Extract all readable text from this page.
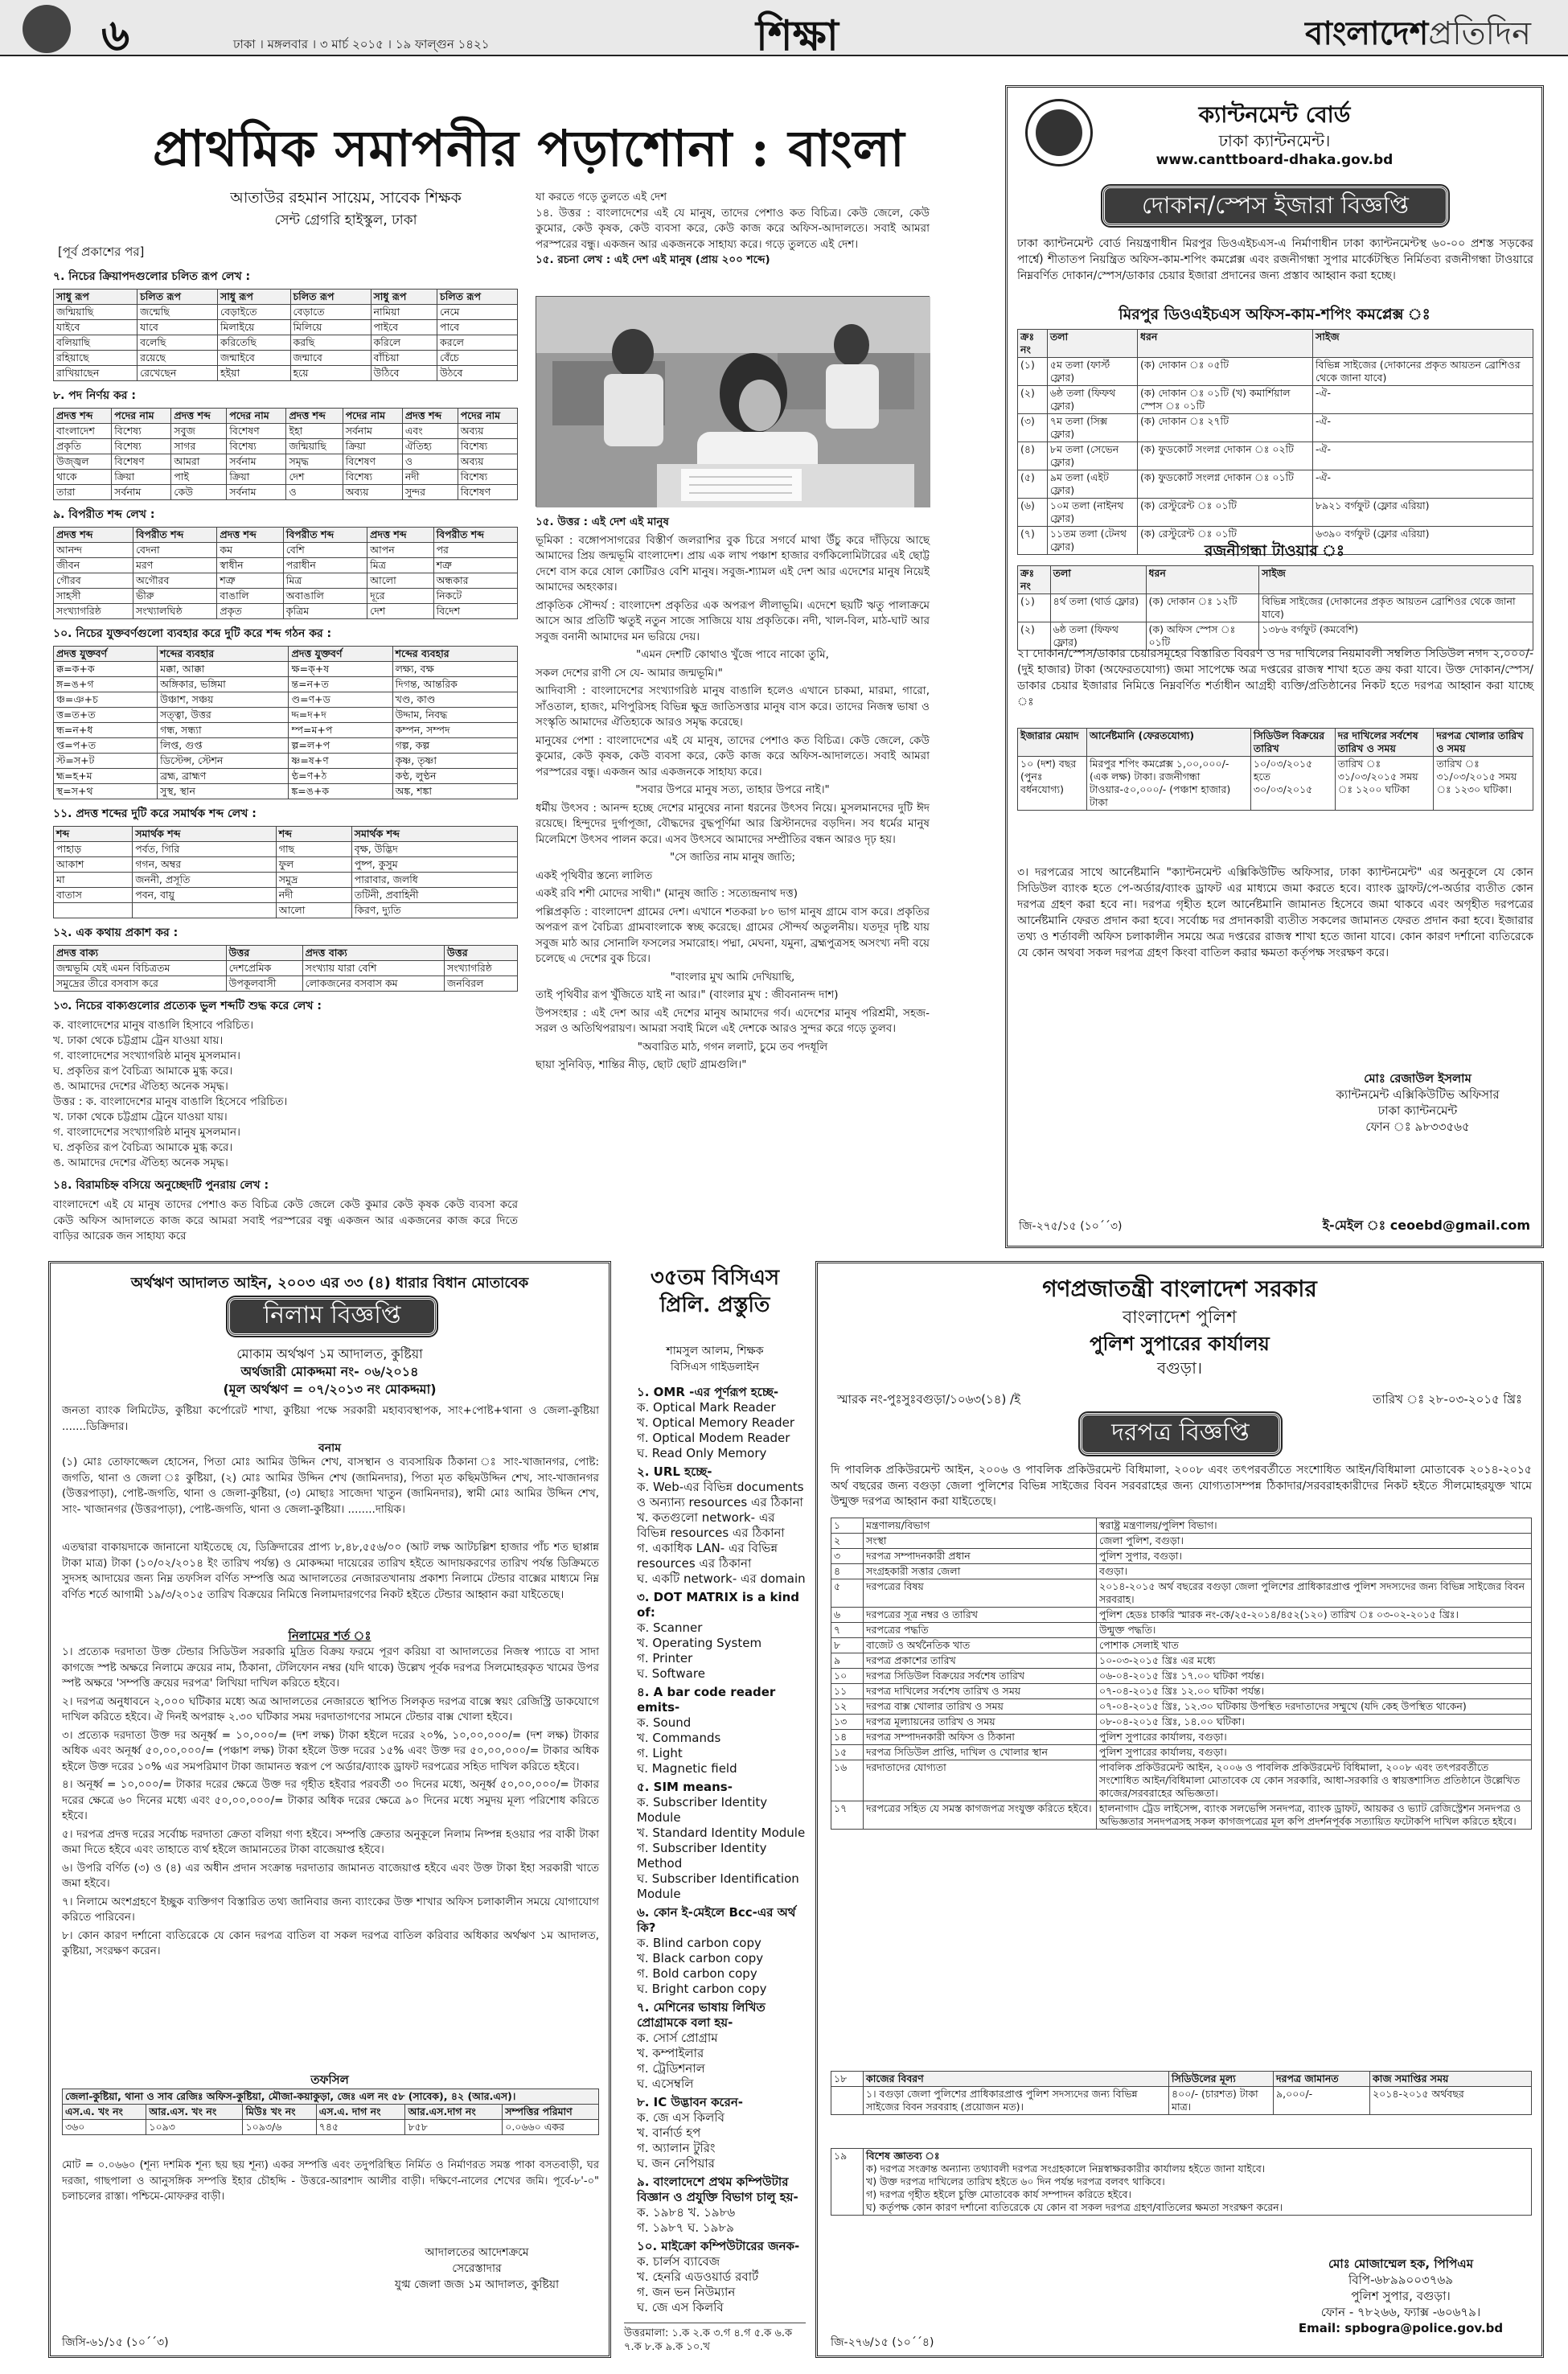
৬	ঢাকা । মঙ্গলবার । ৩ মার্চ ২০১৫ । ১৯ ফাল্গুন ১৪২১	শিক্ষা	বাংলাদেশপ্রতিদিন
প্রাথমিক সমাপনীর পড়াশোনা : বাংলা
আতাউর রহমান সায়েম, সাবেক শিক্ষক
সেন্ট গ্রেগরি হাইস্কুল, ঢাকা
[পূর্ব প্রকাশের পর]
৭. নিচের ক্রিয়াপদগুলোর চলিত রূপ লেখ :
সাধু রূপ	চলিত রূপ	সাধু রূপ	চলিত রূপ	সাধু রূপ	চলিত রূপ
জন্মিয়াছি	জন্মেছি	বেড়াইতে	বেড়াতে	নামিয়া	নেমে
যাইবে	যাবে	মিলাইয়ে	মিলিয়ে	পাইবে	পাবে
বলিয়াছি	বলেছি	করিতেছি	করছি	করিলে	করলে
রহিয়াছে	রয়েছে	জন্মাইবে	জন্মাবে	বাঁচিয়া	বেঁচে
রাখিয়াছেন	রেখেছেন	হইয়া	হয়ে	উঠিবে	উঠবে
৮. পদ নির্ণয় কর :
প্রদত্ত শব্দ	পদের নাম	প্রদত্ত শব্দ	পদের নাম	প্রদত্ত শব্দ	পদের নাম	প্রদত্ত শব্দ	পদের নাম
বাংলাদেশ	বিশেষ্য	সবুজ	বিশেষণ	ইহা	সর্বনাম	এবং	অব্যয়
প্রকৃতি	বিশেষ্য	সাগর	বিশেষ্য	জন্মিয়াছি	ক্রিয়া	ঐতিহ্য	বিশেষ্য
উজ্জ্বল	বিশেষণ	আমরা	সর্বনাম	সমৃদ্ধ	বিশেষণ	ও	অব্যয়
থাকে	ক্রিয়া	পাই	ক্রিয়া	দেশ	বিশেষ্য	নদী	বিশেষ্য
তারা	সর্বনাম	কেউ	সর্বনাম	ও	অব্যয়	সুন্দর	বিশেষণ
৯. বিপরীত শব্দ লেখ :
প্রদত্ত শব্দ	বিপরীত শব্দ	প্রদত্ত শব্দ	বিপরীত শব্দ	প্রদত্ত শব্দ	বিপরীত শব্দ
আনন্দ	বেদনা	কম	বেশি	আপন	পর
জীবন	মরণ	স্বাধীন	পরাধীন	মিত্র	শত্রু
গৌরব	অগৌরব	শত্রু	মিত্র	আলো	অন্ধকার
সাহসী	ভীরু	বাঙালি	অবাঙালি	দূরে	নিকটে
সংখ্যাগরিষ্ঠ	সংখ্যালঘিষ্ঠ	প্রকৃত	কৃত্রিম	দেশ	বিদেশ
১০. নিচের যুক্তবর্ণগুলো ব্যবহার করে দুটি করে শব্দ গঠন কর :
প্রদত্ত যুক্তবর্ণ	শব্দের ব্যবহার	প্রদত্ত যুক্তবর্ণ	শব্দের ব্যবহার
ক্ক=ক+ক	মক্কা, আক্কা	ক্ষ=ক্+ষ	লক্ষ্য, বক্ষ
ঙ্গ=ঙ+গ	অঙ্গিকার, ভঙ্গিমা	ন্ত=ন+ত	দিগন্ত, আন্তরিক
ঞ্চ=ঞ+চ	উঞ্চাশ, সঞ্চয়	ণ্ড=ণ+ড	খণ্ড, কাণ্ড
ত্ত=ত+ত	সত্ত্বা, উত্তর	দ্দ=দ+দ	উদ্দাম, নিবদ্ধ
ন্ধ=ন+ধ	গন্ধ, সন্ধ্যা	ম্প=ম+প	কম্পন, সম্পদ
প্ত=প+ত	লিপ্ত, গুপ্ত	ল্প=ল+প	গল্প, কল্প
স্ট=স+ট	ডিস্টেন্স, স্টেশন	ষ্ণ=ষ+ণ	কৃষ্ণ, তৃষ্ণা
হ্ম=হ+ম	ব্রহ্ম, ব্রাহ্মণ	ণ্ঠ=ণ+ঠ	কণ্ঠ, লুণ্ঠন
স্থ=স+থ	সুস্থ, স্থান	ঙ্ক=ঙ+ক	অঙ্ক, শঙ্কা
১১. প্রদত্ত শব্দের দুটি করে সমার্থক শব্দ লেখ :
শব্দ	সমার্থক শব্দ	শব্দ	সমার্থক শব্দ
পাহাড়	পর্বত, গিরি	গাছ	বৃক্ষ, উদ্ভিদ
আকাশ	গগন, অম্বর	ফুল	পুষ্প, কুসুম
মা	জননী, প্রসূতি	সমুদ্র	পারাবার, জলধি
বাতাস	পবন, বায়ু	নদী	তটিনী, প্রবাহিনী
		আলো	কিরণ, দ্যুতি
১২. এক কথায় প্রকাশ কর :
প্রদত্ত বাক্য	উত্তর	প্রদত্ত বাক্য	উত্তর
জন্মভূমি যেই এমন বিচিত্রতম	দেশপ্রেমিক	সংখ্যায় যারা বেশি	সংখ্যাগরিষ্ঠ
সমুদ্রের তীরে বসবাস করে	উপকূলবাসী	লোকজনের বসবাস কম	জনবিরল
১৩. নিচের বাক্যগুলোর প্রত্যেক ভুল শব্দটি শুদ্ধ করে লেখ :
ক. বাংলাদেশের মানুষ বাঙালি হিসাবে পরিচিত।
খ. ঢাকা থেকে চট্টগ্রাম ট্রেন যাওয়া যায়।
গ. বাংলাদেশের সংখ্যাগরিষ্ঠ মানুষ মুসলমান।
ঘ. প্রকৃতির রূপ বৈচিত্র্য আমাকে মুগ্ধ করে।
ঙ. আমাদের দেশের ঐতিহ্য অনেক সমৃদ্ধ।
উত্তর : ক. বাংলাদেশের মানুষ বাঙালি হিসেবে পরিচিত।
খ. ঢাকা থেকে চট্টগ্রাম ট্রেনে যাওয়া যায়।
গ. বাংলাদেশের সংখ্যাগরিষ্ঠ মানুষ মুসলমান।
ঘ. প্রকৃতির রূপ বৈচিত্র্য আমাকে মুগ্ধ করে।
ঙ. আমাদের দেশের ঐতিহ্য অনেক সমৃদ্ধ।
১৪. বিরামচিহ্ন বসিয়ে অনুচ্ছেদটি পুনরায় লেখ :
বাংলাদেশে এই যে মানুষ তাদের পেশাও কত বিচিত্র কেউ জেলে কেউ কুমার কেউ কৃষক কেউ ব্যবসা করে কেউ অফিস আদালতে কাজ করে আমরা সবাই পরস্পরের বন্ধু একজন আর একজনের কাজ করে দিতে বাড়ির আরেক জন সাহায্য করে
যা করতে গড়ে তুলতে এই দেশ
১৪. উত্তর : বাংলাদেশের এই যে মানুষ, তাদের পেশাও কত বিচিত্র। কেউ জেলে, কেউ কুমোর, কেউ কৃষক, কেউ ব্যবসা করে, কেউ কাজ করে অফিস-আদালতে। সবাই আমরা পরস্পরের বন্ধু। একজন আর একজনকে সাহায্য করে। গড়ে তুলতে এই দেশ।
১৫. রচনা লেখ : এই দেশ এই মানুষ (প্রায় ২০০ শব্দে)
১৫. উত্তর : এই দেশ এই মানুষ
ভূমিকা : বঙ্গোপসাগরের বিস্তীর্ণ জলরাশির বুক চিরে সগর্বে মাথা উঁচু করে দাঁড়িয়ে আছে আমাদের প্রিয় জন্মভূমি বাংলাদেশ। প্রায় এক লাখ পঞ্চাশ হাজার বর্গকিলোমিটারের এই ছোট্ট দেশে বাস করে ষোল কোটিরও বেশি মানুষ। সবুজ-শ্যামল এই দেশ আর এদেশের মানুষ নিয়েই আমাদের অহংকার।
প্রাকৃতিক সৌন্দর্য : বাংলাদেশ প্রকৃতির এক অপরূপ লীলাভূমি। এদেশে ছয়টি ঋতু পালাক্রমে আসে আর প্রতিটি ঋতুই নতুন সাজে সাজিয়ে যায় প্রকৃতিকে। নদী, খাল-বিল, মাঠ-ঘাট আর সবুজ বনানী আমাদের মন ভরিয়ে দেয়।
"এমন দেশটি কোথাও খুঁজে পাবে নাকো তুমি,
সকল দেশের রাণী সে যে- আমার জন্মভূমি।"
আদিবাসী : বাংলাদেশের সংখ্যাগরিষ্ঠ মানুষ বাঙালি হলেও এখানে চাকমা, মারমা, গারো, সাঁওতাল, হাজং, মণিপুরিসহ বিভিন্ন ক্ষুদ্র জাতিসত্তার মানুষ বাস করে। তাদের নিজস্ব ভাষা ও সংস্কৃতি আমাদের ঐতিহ্যকে আরও সমৃদ্ধ করেছে।
মানুষের পেশা : বাংলাদেশের এই যে মানুষ, তাদের পেশাও কত বিচিত্র। কেউ জেলে, কেউ কুমোর, কেউ কৃষক, কেউ ব্যবসা করে, কেউ কাজ করে অফিস-আদালতে। সবাই আমরা পরস্পরের বন্ধু। একজন আর একজনকে সাহায্য করে।
"সবার উপরে মানুষ সত্য, তাহার উপরে নাই।"
ধর্মীয় উৎসব : আনন্দ হচ্ছে দেশের মানুষের নানা ধরনের উৎসব নিয়ে। মুসলমানদের দুটি ঈদ রয়েছে। হিন্দুদের দুর্গাপূজা, বৌদ্ধদের বুদ্ধপূর্ণিমা আর খ্রিস্টানদের বড়দিন। সব ধর্মের মানুষ মিলেমিশে উৎসব পালন করে। এসব উৎসবে আমাদের সম্প্রীতির বন্ধন আরও দৃঢ় হয়।
"সে জাতির নাম মানুষ জাতি;
একই পৃথিবীর স্তন্যে লালিত
একই রবি শশী মোদের সাথী।" (মানুষ জাতি : সত্যেন্দ্রনাথ দত্ত)
পল্লিপ্রকৃতি : বাংলাদেশ গ্রামের দেশ। এখানে শতকরা ৮০ ভাগ মানুষ গ্রামে বাস করে। প্রকৃতির অপরূপ রূপ বৈচিত্র্য গ্রামবাংলাকে স্বচ্ছ করেছে। গ্রামের সৌন্দর্য অতুলনীয়। যতদূর দৃষ্টি যায় সবুজ মাঠ আর সোনালি ফসলের সমারোহ। পদ্মা, মেঘনা, যমুনা, ব্রহ্মপুত্রসহ অসংখ্য নদী বয়ে চলেছে এ দেশের বুক চিরে।
"বাংলার মুখ আমি দেখিয়াছি,
তাই পৃথিবীর রূপ খুঁজিতে যাই না আর।" (বাংলার মুখ : জীবনানন্দ দাশ)
উপসংহার : এই দেশ আর এই দেশের মানুষ আমাদের গর্ব। এদেশের মানুষ পরিশ্রমী, সহজ-সরল ও অতিথিপরায়ণ। আমরা সবাই মিলে এই দেশকে আরও সুন্দর করে গড়ে তুলব।
"অবারিত মাঠ, গগন ললাট, চুমে তব পদধূলি
ছায়া সুনিবিড়, শান্তির নীড়, ছোট ছোট গ্রামগুলি।"
ক্যান্টনমেন্ট বোর্ড
ঢাকা ক্যান্টনমেন্ট।
www.canttboard-dhaka.gov.bd
দোকান/স্পেস ইজারা বিজ্ঞপ্তি
ঢাকা ক্যান্টনমেন্ট বোর্ড নিয়ন্ত্রণাধীন মিরপুর ডিওএইচএস-এ নির্মাণাধীন ঢাকা ক্যান্টনমেন্টস্থ ৬০-০০ প্রশস্ত সড়কের পার্শ্বে) শীতাতপ নিয়ন্ত্রিত অফিস-কাম-শপিং কমপ্লেক্স এবং রজনীগন্ধা সুপার মার্কেটস্থিত নির্মিতব্য রজনীগন্ধা টাওয়ারে নিম্নবর্ণিত দোকান/স্পেস/ডাকার চেয়ার ইজারা প্রদানের জন্য প্রস্তাব আহ্বান করা হচ্ছে।
মিরপুর ডিওএইচএস অফিস-কাম-শপিং কমপ্লেক্স ঃ
ক্রঃ নং	তলা	ধরন	সাইজ
(১)	৫ম তলা (ফার্স্ট ফ্লোর)	(ক) দোকান ঃ ০৫টি	বিভিন্ন সাইজের (দোকানের প্রকৃত আয়তন ব্রোশিওর থেকে জানা যাবে)
(২)	৬ষ্ঠ তলা (ফিফথ ফ্লোর)	(ক) দোকান ঃ ০১টি (খ) কমার্শিয়াল স্পেস ঃ ০১টি	-ঐ-
(৩)	৭ম তলা (সিক্স ফ্লোর)	(ক) দোকান ঃ ২৭টি	-ঐ-
(৪)	৮ম তলা (সেভেন ফ্লোর)	(ক) ফুডকোর্ট সংলগ্ন দোকান ঃ ০২টি	-ঐ-
(৫)	৯ম তলা (এইট ফ্লোর)	(ক) ফুডকোর্ট সংলগ্ন দোকান ঃ ০১টি	-ঐ-
(৬)	১০ম তলা (নাইনথ ফ্লোর)	(ক) রেস্টুরেন্ট ঃ ০১টি	৮৯২১ বর্গফুট (ফ্লোর এরিয়া)
(৭)	১১তম তলা (টেনথ ফ্লোর)	(ক) রেস্টুরেন্ট ঃ ০১টি	৬৩৯০ বর্গফুট (ফ্লোর এরিয়া)
রজনীগন্ধা টাওয়ার ঃ
ক্রঃ নং	তলা	ধরন	সাইজ
(১)	৪র্থ তলা (থার্ড ফ্লোর)	(ক) দোকান ঃ ১২টি	বিভিন্ন সাইজের (দোকানের প্রকৃত আয়তন ব্রোশিওর থেকে জানা যাবে)
(২)	৬ষ্ঠ তলা (ফিফথ ফ্লোর)	(ক) অফিস স্পেস ঃ ০১টি	১৩৮৬ বর্গফুট (কমবেশি)
২। দোকান/স্পেস/ডাকার চেয়ারসমূহের বিস্তারিত বিবরণ ও দর দাখিলের নিয়মাবলী সম্বলিত সিডিউল নগদ ২,০০০/- (দুই হাজার) টাকা (অফেরতযোগ্য) জমা সাপেক্ষে অত্র দপ্তরের রাজস্ব শাখা হতে ক্রয় করা যাবে। উক্ত দোকান/স্পেস/ডাকার চেয়ার ইজারার নিমিত্তে নিম্নবর্ণিত শর্তাধীন আগ্রহী ব্যক্তি/প্রতিষ্ঠানের নিকট হতে দরপত্র আহ্বান করা যাচ্ছে ঃ
ইজারার মেয়াদ	আর্নেষ্টমানি (ফেরতযোগ্য)	সিডিউল বিক্রয়ের তারিখ	দর দাখিলের সর্বশেষ তারিখ ও সময়	দরপত্র খোলার তারিখ ও সময়
১০ (দশ) বছর (পুনঃ বর্ধনযোগ্য)	মিরপুর শপিং কমপ্লেক্স ১,০০,০০০/- (এক লক্ষ) টাকা। রজনীগন্ধা টাওয়ার-৫০,০০০/- (পঞ্চাশ হাজার) টাকা	১০/০৩/২০১৫ হতে ৩০/০৩/২০১৫	তারিখ ঃ ৩১/০৩/২০১৫ সময় ঃ ১২০০ ঘটিকা	তারিখ ঃ ৩১/০৩/২০১৫ সময় ঃ ১২৩০ ঘটিকা।
৩। দরপত্রের সাথে আর্নেষ্টমানি "ক্যান্টনমেন্ট এক্সিকিউটিভ অফিসার, ঢাকা ক্যান্টনমেন্ট" এর অনুকূলে যে কোন সিডিউল ব্যাংক হতে পে-অর্ডার/ব্যাংক ড্রাফট এর মাধ্যমে জমা করতে হবে। ব্যাংক ড্রাফট/পে-অর্ডার ব্যতীত কোন দরপত্র গ্রহণ করা হবে না। দরপত্র গৃহীত হলে আর্নেষ্টমানি জামানত হিসেবে জমা থাকবে এবং অগৃহীত দরপত্রের আর্নেষ্টমানি ফেরত প্রদান করা হবে। সর্বোচ্চ দর প্রদানকারী ব্যতীত সকলের জামানত ফেরত প্রদান করা হবে। ইজারার তথ্য ও শর্তাবলী অফিস চলাকালীন সময়ে অত্র দপ্তরের রাজস্ব শাখা হতে জানা যাবে। কোন কারণ দর্শানো ব্যতিরেকে যে কোন অথবা সকল দরপত্র গ্রহণ কিংবা বাতিল করার ক্ষমতা কর্তৃপক্ষ সংরক্ষণ করে।
মোঃ রেজাউল ইসলাম
ক্যান্টনমেন্ট এক্সিকিউটিভ অফিসার
ঢাকা ক্যান্টনমেন্ট
ফোন ঃ ৯৮৩৩৫৬৫
জি-২৭৫/১৫ (১০´´৩)	ই-মেইল ঃ ceoebd@gmail.com
অর্থঋণ আদালত আইন, ২০০৩ এর ৩৩ (৪) ধারার বিধান মোতাবেক
নিলাম বিজ্ঞপ্তি
মোকাম অর্থঋণ ১ম আদালত, কুষ্টিয়া
অর্থজারী মোকদ্দমা নং- ০৬/২০১৪
(মূল অর্থঋণ = ০৭/২০১৩ নং মোকদ্দমা)
জনতা ব্যাংক লিমিটেড, কুষ্টিয়া কর্পোরেট শাখা, কুষ্টিয়া পক্ষে সরকারী মহাব্যবস্থাপক, সাং+পোষ্ট+থানা ও জেলা-কুষ্টিয়া .......ডিক্রিদার।
বনাম
(১) মোঃ তোফাজ্জেল হোসেন, পিতা মোঃ আমির উদ্দিন শেখ, বাসস্থান ও ব্যবসায়িক ঠিকানা ঃ সাং-খাজানগর, পোষ্ট: জগতি, থানা ও জেলা ঃ কুষ্টিয়া, (২) মোঃ আমির উদ্দিন শেখ (জামিনদার), পিতা মৃত কছিমউদ্দিন শেখ, সাং-খাজানগর (উত্তরপাড়া), পোষ্ট-জগতি, থানা ও জেলা-কুষ্টিয়া, (৩) মোছাঃ সাজেদা খাতুন (জামিনদার), স্বামী মোঃ আমির উদ্দিন শেখ, সাং- খাজানগর (উত্তরপাড়া), পোষ্ট-জগতি, থানা ও জেলা-কুষ্টিয়া। ........দায়িক।
এতদ্বারা বাকায়দাকে জানানো যাইতেছে যে, ডিক্রিদারের প্রাপ্য ৮,৪৮,৫৫৬/০০ (আট লক্ষ আটচল্লিশ হাজার পাঁচ শত ছাপ্পান্ন টাকা মাত্র) টাকা (১০/০২/২০১৪ ইং তারিখ পর্যন্ত) ও মোকদ্দমা দায়েরের তারিখ হইতে আদায়করণের তারিখ পর্যন্ত ডিক্রিমতে সুদসহ আদায়ের জন্য নিম্ন তফসিল বর্ণিত সম্পত্তি অত্র আদালতের নেজারতখানায় প্রকাশ্য নিলামে টেন্ডার বাক্সের মাধ্যমে নিম্ন বর্ণিত শর্তে আগামী ১৯/৩/২০১৫ তারিখ বিক্রয়ের নিমিত্তে নিলামদারগণের নিকট হইতে টেন্ডার আহ্বান করা যাইতেছে।
নিলামের শর্ত ঃ
১। প্রত্যেক দরদাতা উক্ত টেন্ডার সিডিউল সরকারি মুদ্রিত বিক্রয় ফরমে পূরণ করিয়া বা আদালতের নিজস্ব প্যাডে বা সাদা কাগজে স্পষ্ট অক্ষরে নিলামে ক্রয়ের নাম, ঠিকানা, টেলিফোন নম্বর (যদি থাকে) উল্লেখ পূর্বক দরপত্র সিলমোহরকৃত খামের উপর স্পষ্ট অক্ষরে 'সম্পত্তি ক্রয়ের দরপত্র' লিখিয়া দাখিল করিতে হইবে।
২। দরপত্র অনুধাবনে ২,০০০ ঘটিকার মধ্যে অত্র আদালতের নেজারতে স্থাপিত সিলকৃত দরপত্র বাক্সে স্বয়ং রেজিস্ট্রি ডাকযোগে দাখিল করিতে হইবে। ঐ দিনই অপরাহ্ন ২.৩০ ঘটিকার সময় দরদাতাগণের সামনে টেন্ডার বাক্স খোলা হইবে।
৩। প্রত্যেক দরদাতা উক্ত দর অনূর্ধ্ব = ১০,০০০/= (দশ লক্ষ) টাকা হইলে দরের ২০%, ১০,০০,০০০/= (দশ লক্ষ) টাকার অধিক এবং অনূর্ধ্ব ৫০,০০,০০০/= (পঞ্চাশ লক্ষ) টাকা হইলে উক্ত দরের ১৫% এবং উক্ত দর ৫০,০০,০০০/= টাকার অধিক হইলে উক্ত দরের ১০% এর সমপরিমাণ টাকা জামানত স্বরূপ পে অর্ডার/ব্যাংক ড্রাফট দরপত্রের সহিত দাখিল করিতে হইবে।
৪। অনূর্ধ্ব = ১০,০০০/= টাকার দরের ক্ষেত্রে উক্ত দর গৃহীত হইবার পরবর্তী ৩০ দিনের মধ্যে, অনূর্ধ্ব ৫০,০০,০০০/= টাকার দরের ক্ষেত্রে ৬০ দিনের মধ্যে এবং ৫০,০০,০০০/= টাকার অধিক দরের ক্ষেত্রে ৯০ দিনের মধ্যে সমুদয় মূল্য পরিশোধ করিতে হইবে।
৫। দরপত্র প্রদত্ত দরের সর্বোচ্চ দরদাতা ক্রেতা বলিয়া গণ্য হইবে। সম্পত্তি ক্রেতার অনুকূলে নিলাম নিষ্পন্ন হওয়ার পর বাকী টাকা জমা দিতে হইবে এবং তাহাতে ব্যর্থ হইলে জামানতের টাকা বাজেয়াপ্ত হইবে।
৬। উপরি বর্ণিত (৩) ও (৪) এর অধীন প্রদান সংক্রান্ত দরদাতার জামানত বাজেয়াপ্ত হইবে এবং উক্ত টাকা ইহা সরকারী খাতে জমা হইবে।
৭। নিলামে অংশগ্রহণে ইচ্ছুক ব্যক্তিগণ বিস্তারিত তথ্য জানিবার জন্য ব্যাংকের উক্ত শাখার অফিস চলাকালীন সময়ে যোগাযোগ করিতে পারিবেন।
৮। কোন কারণ দর্শানো ব্যতিরেকে যে কোন দরপত্র বাতিল বা সকল দরপত্র বাতিল করিবার অধিকার অর্থঋণ ১ম আদালত, কুষ্টিয়া, সংরক্ষণ করেন।
তফসিল
জেলা-কুষ্টিয়া, থানা ও সাব রেজিঃ অফিস-কুষ্টিয়া, মৌজা-কয়াকুড়া, জেঃ এল নং ৫৮ (সাবেক), ৪২ (আর.এস)।					
এস.এ. খং নং	আর.এস. খং নং	মিউঃ খং নং	এস.এ. দাগ নং	আর.এস.দাগ নং	সম্পত্তির পরিমাণ
৩৬০	১০৯৩	১০৯৩/৬	৭৪৫	৮৫৮	০.০৬৬০ একর
মোট = ০.০৬৬০ (শূন্য দশমিক শূন্য ছয় ছয় শূন্য) একর সম্পত্তি এবং তদুপরিস্থিত নির্মিত ও নির্মাণরত সমস্ত পাকা বসতবাড়ী, ঘর দরজা, গাছপালা ও আনুসঙ্গিক সম্পত্তি ইহার চৌহদ্দি - উত্তরে-আরশাদ আলীর বাড়ী। দক্ষিণে-নালের শেখের জমি। পূর্বে-৮'-০" চলাচলের রাস্তা। পশ্চিমে-মোফরুর বাড়ী।
আদালতের আদেশক্রমে
সেরেস্তাদার
যুগ্ম জেলা জজ ১ম আদালত, কুষ্টিয়া
জিসি-৬১/১৫ (১০´´৩)
৩৫তম বিসিএস প্রিলি. প্রস্তুতি
শামসুল আলম, শিক্ষক
বিসিএস গাইডলাইন
১. OMR -এর পূর্ণরূপ হচ্ছে-
ক. Optical Mark Reader
খ. Optical Memory Reader
গ. Optical Modem Reader
ঘ. Read Only Memory
২. URL হচ্ছে-
ক. Web-এর বিভিন্ন documents ও অন্যান্য resources এর ঠিকানা
খ. কতগুলো network- এর বিভিন্ন resources এর ঠিকানা
গ. একাধিক LAN- এর বিভিন্ন resources এর ঠিকানা
ঘ. একটি network- এর domain
৩. DOT MATRIX is a kind of:
ক. Scanner
খ. Operating System
গ. Printer
ঘ. Software
৪. A bar code reader emits-
ক. Sound
খ. Commands
গ. Light
ঘ. Magnetic field
৫. SIM means-
ক. Subscriber Identity Module
খ. Standard Identity Module
গ. Subscriber Identity Method
ঘ. Subscriber Identification Module
৬. কোন ই-মেইলে Bcc-এর অর্থ কি?
ক. Blind carbon copy
খ. Black carbon copy
গ. Bold carbon copy
ঘ. Bright carbon copy
৭. মেশিনের ভাষায় লিখিত প্রোগ্রামকে বলা হয়-
ক. সোর্স প্রোগ্রাম
খ. কম্পাইলার
গ. ট্রেডিশনাল
ঘ. এসেম্বলি
৮. IC উদ্ভাবন করেন-
ক. জে এস কিলবি
খ. বার্নার্ড হপ
গ. অ্যালান টুরিং
ঘ. জন নেপিয়ার
৯. বাংলাদেশে প্রথম কম্পিউটার বিজ্ঞান ও প্রযুক্তি বিভাগ চালু হয়-
ক. ১৯৮৪ খ. ১৯৮৬
গ. ১৯৮৭ ঘ. ১৯৮৯
১০. মাইক্রো কম্পিউটারের জনক-
ক. চার্লস ব্যাবেজ
খ. হেনরি এডওয়ার্ড রবার্ট
গ. জন ভন নিউম্যান
ঘ. জে এস কিলবি
উত্তরমালা: ১.ক ২.ক ৩.গ ৪.গ ৫.ক ৬.ক ৭.ক ৮.ক ৯.ক ১০.খ
গণপ্রজাতন্ত্রী বাংলাদেশ সরকার
বাংলাদেশ পুলিশ
পুলিশ সুপারের কার্যালয়
বগুড়া।
স্মারক নং-পুঃসুঃবগুড়া/১০৬৩(১৪) /ই	তারিখ ঃ ২৮-০৩-২০১৫ খ্রিঃ
দরপত্র বিজ্ঞপ্তি
দি পাবলিক প্রকিউরমেন্ট আইন, ২০০৬ ও পাবলিক প্রকিউরমেন্ট বিধিমালা, ২০০৮ এবং তৎপরবর্তীতে সংশোধিত আইন/বিধিমালা মোতাবেক ২০১৪-২০১৫ অর্থ বছরের জন্য বগুড়া জেলা পুলিশের বিভিন্ন সাইজের বিবন সরবরাহের জন্য যোগ্যতাসম্পন্ন ঠিকাদার/সরবরাহকারীদের নিকট হইতে সীলমোহরযুক্ত খামে উন্মুক্ত দরপত্র আহ্বান করা যাইতেছে।
১	মন্ত্রণালয়/বিভাগ	স্বরাষ্ট্র মন্ত্রণালয়/পুলিশ বিভাগ।
২	সংস্থা	জেলা পুলিশ, বগুড়া।
৩	দরপত্র সম্পাদনকারী প্রধান	পুলিশ সুপার, বগুড়া।
৪	সংগ্রহকারী সত্তার জেলা	বগুড়া।
৫	দরপত্রের বিষয়	২০১৪-২০১৫ অর্থ বছরের বগুড়া জেলা পুলিশের প্রাধিকারপ্রাপ্ত পুলিশ সদস্যদের জন্য বিভিন্ন সাইজের বিবন সরবরাহ।
৬	দরপত্রের সূত্র নম্বর ও তারিখ	পুলিশ হেডঃ চাকরি স্মারক নং-কে/২৫-২০১৪/৪৫২(১২০) তারিখ ঃ ০৩-০২-২০১৫ খ্রিঃ।
৭	দরপত্রের পদ্ধতি	উন্মুক্ত পদ্ধতি।
৮	বাজেট ও অর্থনৈতিক খাত	পোশাক সেলাই খাত
৯	দরপত্র প্রকাশের তারিখ	১০-০৩-২০১৫ খ্রিঃ এর মধ্যে
১০	দরপত্র সিডিউল বিক্রয়ের সর্বশেষ তারিখ	০৬-০৪-২০১৫ খ্রিঃ ১৭.০০ ঘটিকা পর্যন্ত।
১১	দরপত্র দাখিলের সর্বশেষ তারিখ ও সময়	০৭-০৪-২০১৫ খ্রিঃ ১২.০০ ঘটিকা পর্যন্ত।
১২	দরপত্র বাক্স খোলার তারিখ ও সময়	০৭-০৪-২০১৫ খ্রিঃ, ১২.৩০ ঘটিকায় উপস্থিত দরদাতাদের সম্মুখে (যদি কেহ উপস্থিত থাকেন)
১৩	দরপত্র মূল্যায়নের তারিখ ও সময়	০৮-০৪-২০১৫ খ্রিঃ, ১৪.০০ ঘটিকা।
১৪	দরপত্র সম্পাদনকারী অফিস ও ঠিকানা	পুলিশ সুপারের কার্যালয়, বগুড়া।
১৫	দরপত্র সিডিউল প্রাপ্তি, দাখিল ও খোলার স্থান	পুলিশ সুপারের কার্যালয়, বগুড়া।
১৬	দরদাতাদের যোগ্যতা	পাবলিক প্রকিউরমেন্ট আইন, ২০০৬ ও পাবলিক প্রকিউরমেন্ট বিধিমালা, ২০০৮ এবং তৎপরবর্তীতে সংশোধিত আইন/বিধিমালা মোতাবেক যে কোন সরকারি, আধা-সরকারি ও স্বায়ত্তশাসিত প্রতিষ্ঠানে উল্লেখিত কাজের/সরবরাহের অভিজ্ঞতা।
১৭	দরপত্রের সহিত যে সমস্ত কাগজপত্র সংযুক্ত করিতে হইবে।	হালনাগাদ ট্রেড লাইসেন্স, ব্যাংক সলভেন্সি সনদপত্র, ব্যাংক ড্রাফট, আয়কর ও ভ্যাট রেজিস্ট্রেশন সনদপত্র ও অভিজ্ঞতার সনদপত্রসহ সকল কাগজপত্রের মূল কপি প্রদর্শনপূর্বক সত্যায়িত ফটোকপি দাখিল করিতে হইবে।
১৮	কাজের বিবরণ	সিডিউলের মূল্য	দরপত্র জামানত	কাজ সমাপ্তির সময়
	১। বগুড়া জেলা পুলিশের প্রাধিকারপ্রাপ্ত পুলিশ সদস্যদের জন্য বিভিন্ন সাইজের বিবন সরবরাহ (প্রয়োজন মত)।	৪০০/- (চারশত) টাকা মাত্র।	৯,০০০/-	২০১৪-২০১৫ অর্থবছর
১৯	বিশেষ জ্ঞাতব্য ঃ
ক) দরপত্র সংক্রান্ত অন্যান্য তথ্যাবলী দরপত্র সংগ্রহকালে নিম্নস্বাক্ষরকারীর কার্যালয় হইতে জানা যাইবে।
খ) উক্ত দরপত্র দাখিলের তারিখ হইতে ৬০ দিন পর্যন্ত দরপত্র বলবৎ থাকিবে।
গ) দরপত্র গৃহীত হইলে চুক্তি মোতাবেক কার্য সম্পাদন করিতে হইবে।
ঘ) কর্তৃপক্ষ কোন কারণ দর্শানো ব্যতিরেকে যে কোন বা সকল দরপত্র গ্রহণ/বাতিলের ক্ষমতা সংরক্ষণ করেন।
মোঃ মোজাম্মেল হক, পিপিএম
বিপি-৬৮৯৯০০৩৭৬৯
পুলিশ সুপার, বগুড়া।
ফোন - ৭৮২৬৬, ফ্যাক্স -৬০৬৭৯।
Email: spbogra@police.gov.bd
জি-২৭৬/১৫ (১০´´৪)
